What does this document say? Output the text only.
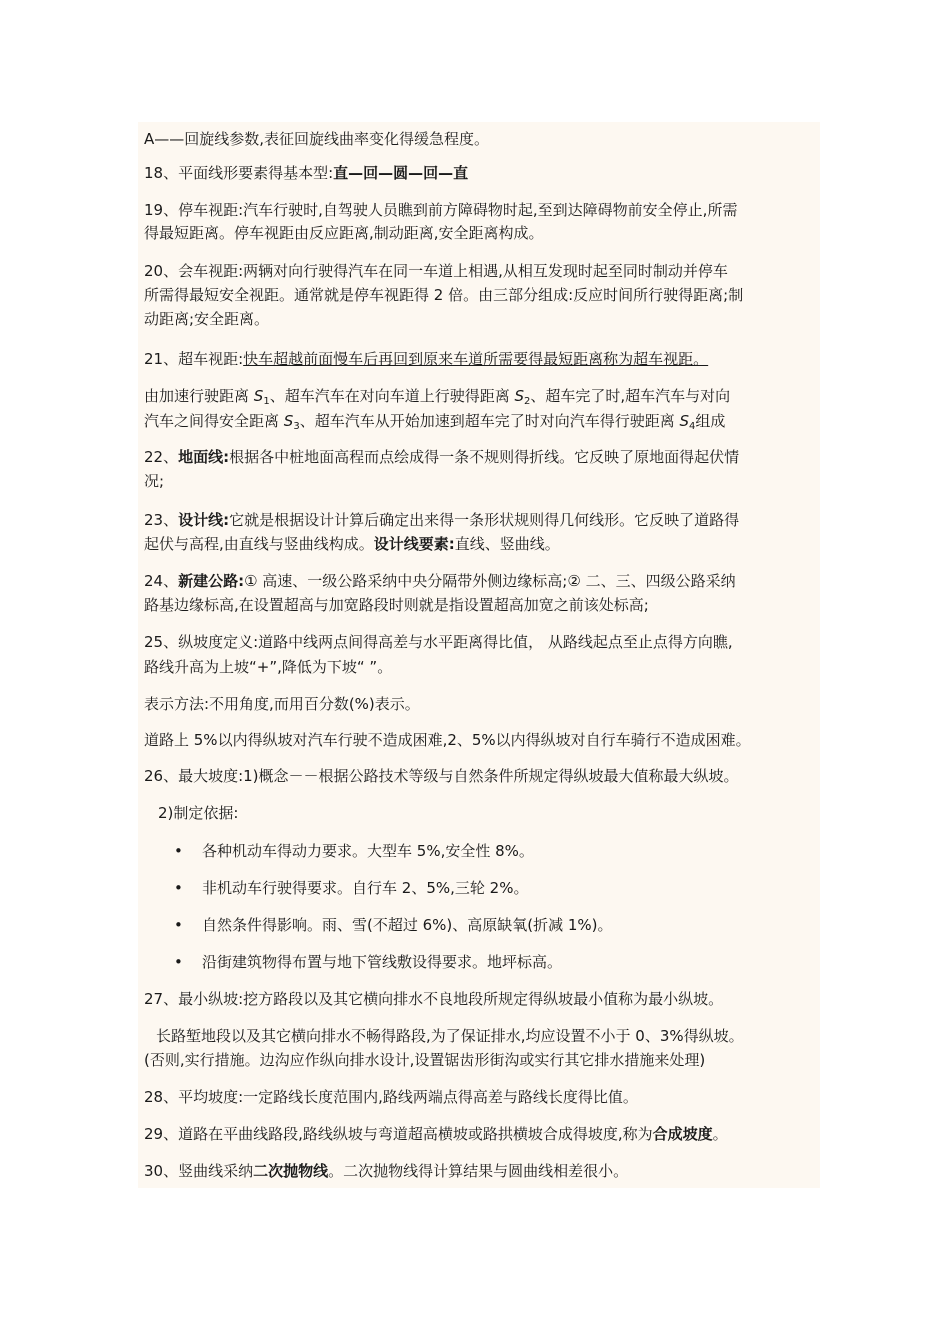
A——回旋线参数,表征回旋线曲率变化得缓急程度。
18、平面线形要素得基本型:直—回—圆—回—直
19、停车视距:汽车行驶时,自驾驶人员瞧到前方障碍物时起,至到达障碍物前安全停止,所需
得最短距离。停车视距由反应距离,制动距离,安全距离构成。
20、会车视距:两辆对向行驶得汽车在同一车道上相遇,从相互发现时起至同时制动并停车
所需得最短安全视距。通常就是停车视距得 2 倍。由三部分组成:反应时间所行驶得距离;制
动距离;安全距离。
21、超车视距:快车超越前面慢车后再回到原来车道所需要得最短距离称为超车视距。
由加速行驶距离 $S_1$、超车汽车在对向车道上行驶得距离 $S_2$、超车完了时,超车汽车与对向
汽车之间得安全距离 $S_3$、超车汽车从开始加速到超车完了时对向汽车得行驶距离 $S_4$组成
22、地面线:根据各中桩地面高程而点绘成得一条不规则得折线。它反映了原地面得起伏情
况;
23、设计线:它就是根据设计计算后确定出来得一条形状规则得几何线形。它反映了道路得
起伏与高程,由直线与竖曲线构成。设计线要素:直线、竖曲线。
24、新建公路:① 高速、一级公路采纳中央分隔带外侧边缘标高;② 二、三、四级公路采纳
路基边缘标高,在设置超高与加宽路段时则就是指设置超高加宽之前该处标高;
25、纵坡度定义:道路中线两点间得高差与水平距离得比值， 从路线起点至止点得方向瞧,
路线升高为上坡“+”,降低为下坡“ ”。
表示方法:不用角度,而用百分数(%)表示。
道路上 5%以内得纵坡对汽车行驶不造成困难,2、5%以内得纵坡对自行车骑行不造成困难。
26、最大坡度:1)概念－－根据公路技术等级与自然条件所规定得纵坡最大值称最大纵坡。
2)制定依据:
• 各种机动车得动力要求。大型车 5%,安全性 8%。
• 非机动车行驶得要求。自行车 2、5%,三轮 2%。
• 自然条件得影响。雨、雪(不超过 6%)、高原缺氧(折减 1%)。
• 沿街建筑物得布置与地下管线敷设得要求。地坪标高。
27、最小纵坡:挖方路段以及其它横向排水不良地段所规定得纵坡最小值称为最小纵坡。
长路堑地段以及其它横向排水不畅得路段,为了保证排水,均应设置不小于 0、3%得纵坡。
(否则,实行措施。边沟应作纵向排水设计,设置锯齿形街沟或实行其它排水措施来处理)
28、平均坡度:一定路线长度范围内,路线两端点得高差与路线长度得比值。
29、道路在平曲线路段,路线纵坡与弯道超高横坡或路拱横坡合成得坡度,称为合成坡度。
30、竖曲线采纳二次抛物线。二次抛物线得计算结果与圆曲线相差很小。
